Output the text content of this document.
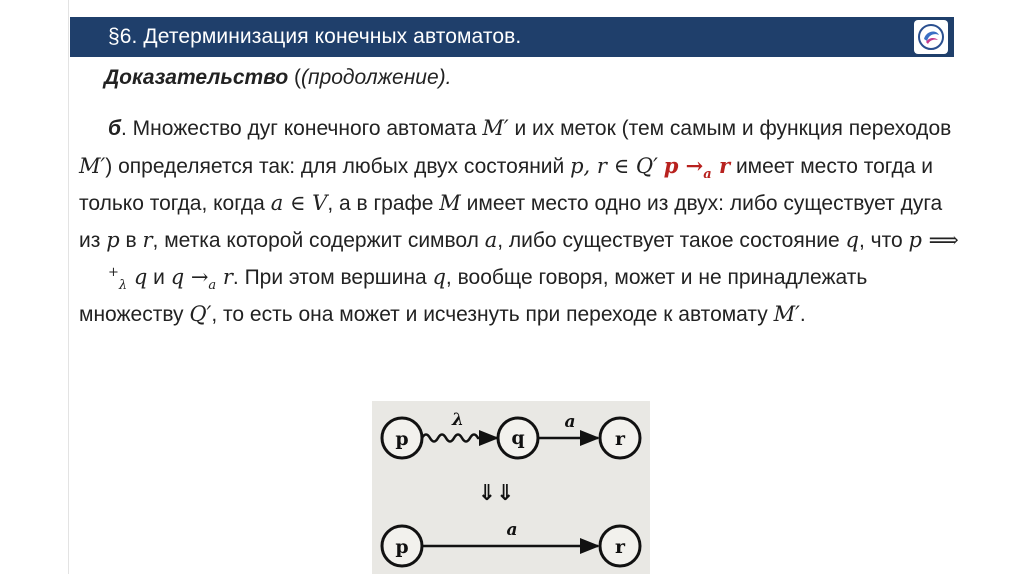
§6. Детерминизация конечных автоматов.
Доказательство ((продолжение).
б. Множество дуг конечного автомата M′ и их меток (тем самым и функция переходов M′) определяется так: для любых двух состояний p, r ∈ Q′ $p \to_a$ r имеет место тогда и только тогда, когда a ∈ V, а в графе M имеет место одно из двух: либо существует дуга из p в r, метка которой содержит символ a, либо существует такое состояние q, что p $⟹^+_\lambda$ q и $q \to_a$ r. При этом вершина q, вообще говоря, может и не принадлежать множеству Q′, то есть она может и исчезнуть при переходе к автомату M′.
p
λ
q
a
r
⇓⇓
p
a
r
